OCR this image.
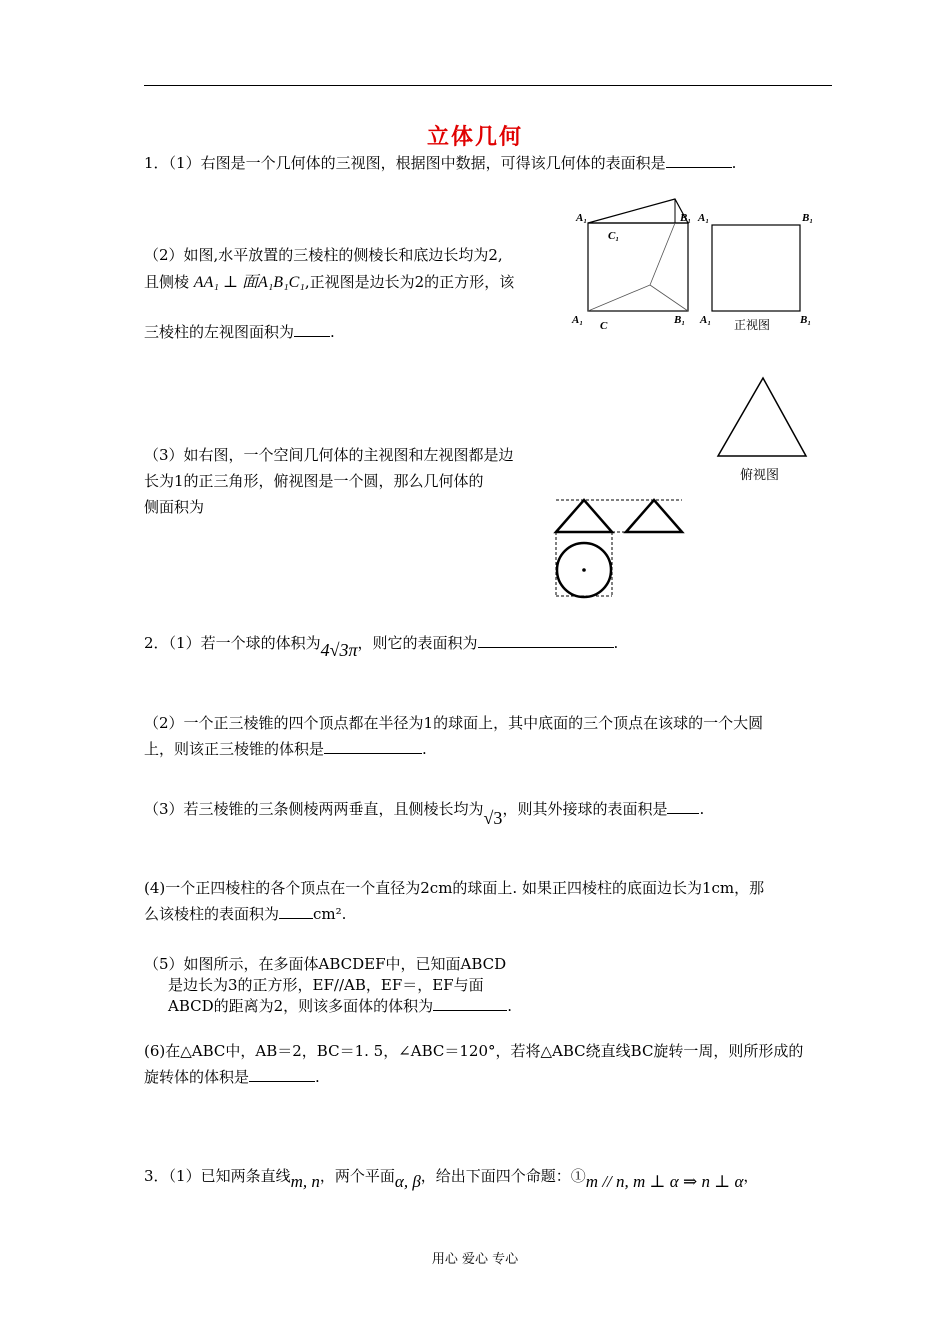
立体几何
1．（1）右图是一个几何体的三视图，根据图中数据，可得该几何体的表面积是	.
（2）如图,水平放置的三棱柱的侧棱长和底边长均为2,
且侧棱 AA₁ ⊥ 面A₁B₁C₁,正视图是边长为2的正方形，该
三棱柱的左视图面积为 .
A₁	B₁
C₁
A₁ C	B₁
A₁	B₁
A₁	B₁
正视图
俯视图
（3）如右图，一个空间几何体的主视图和左视图都是边
长为1的正三角形，俯视图是一个圆，那么几何体的
侧面积为
2．（1）若一个球的体积为4√3π，则它的表面积为	.
（2）一个正三棱锥的四个顶点都在半径为1的球面上，其中底面的三个顶点在该球的一个大圆
上，则该正三棱锥的体积是	.
（3）若三棱锥的三条侧棱两两垂直，且侧棱长均为√3，则其外接球的表面积是 .
(4)一个正四棱柱的各个顶点在一个直径为2cm的球面上. 如果正四棱柱的底面边长为1cm，那
么该棱柱的表面积为 cm².
（5）如图所示，在多面体ABCDEF中，已知面ABCD
是边长为3的正方形，EF//AB，EF＝，EF与面
ABCD的距离为2，则该多面体的体积为	.
(6)在△ABC中，AB＝2，BC＝1. 5，∠ABC＝120°，若将△ABC绕直线BC旋转一周，则所形成的
旋转体的体积是	.
3．（1）已知两条直线m, n，两个平面α, β，给出下面四个命题：①m // n, m ⊥ α ⇒ n ⊥ α，
用心 爱心 专心
